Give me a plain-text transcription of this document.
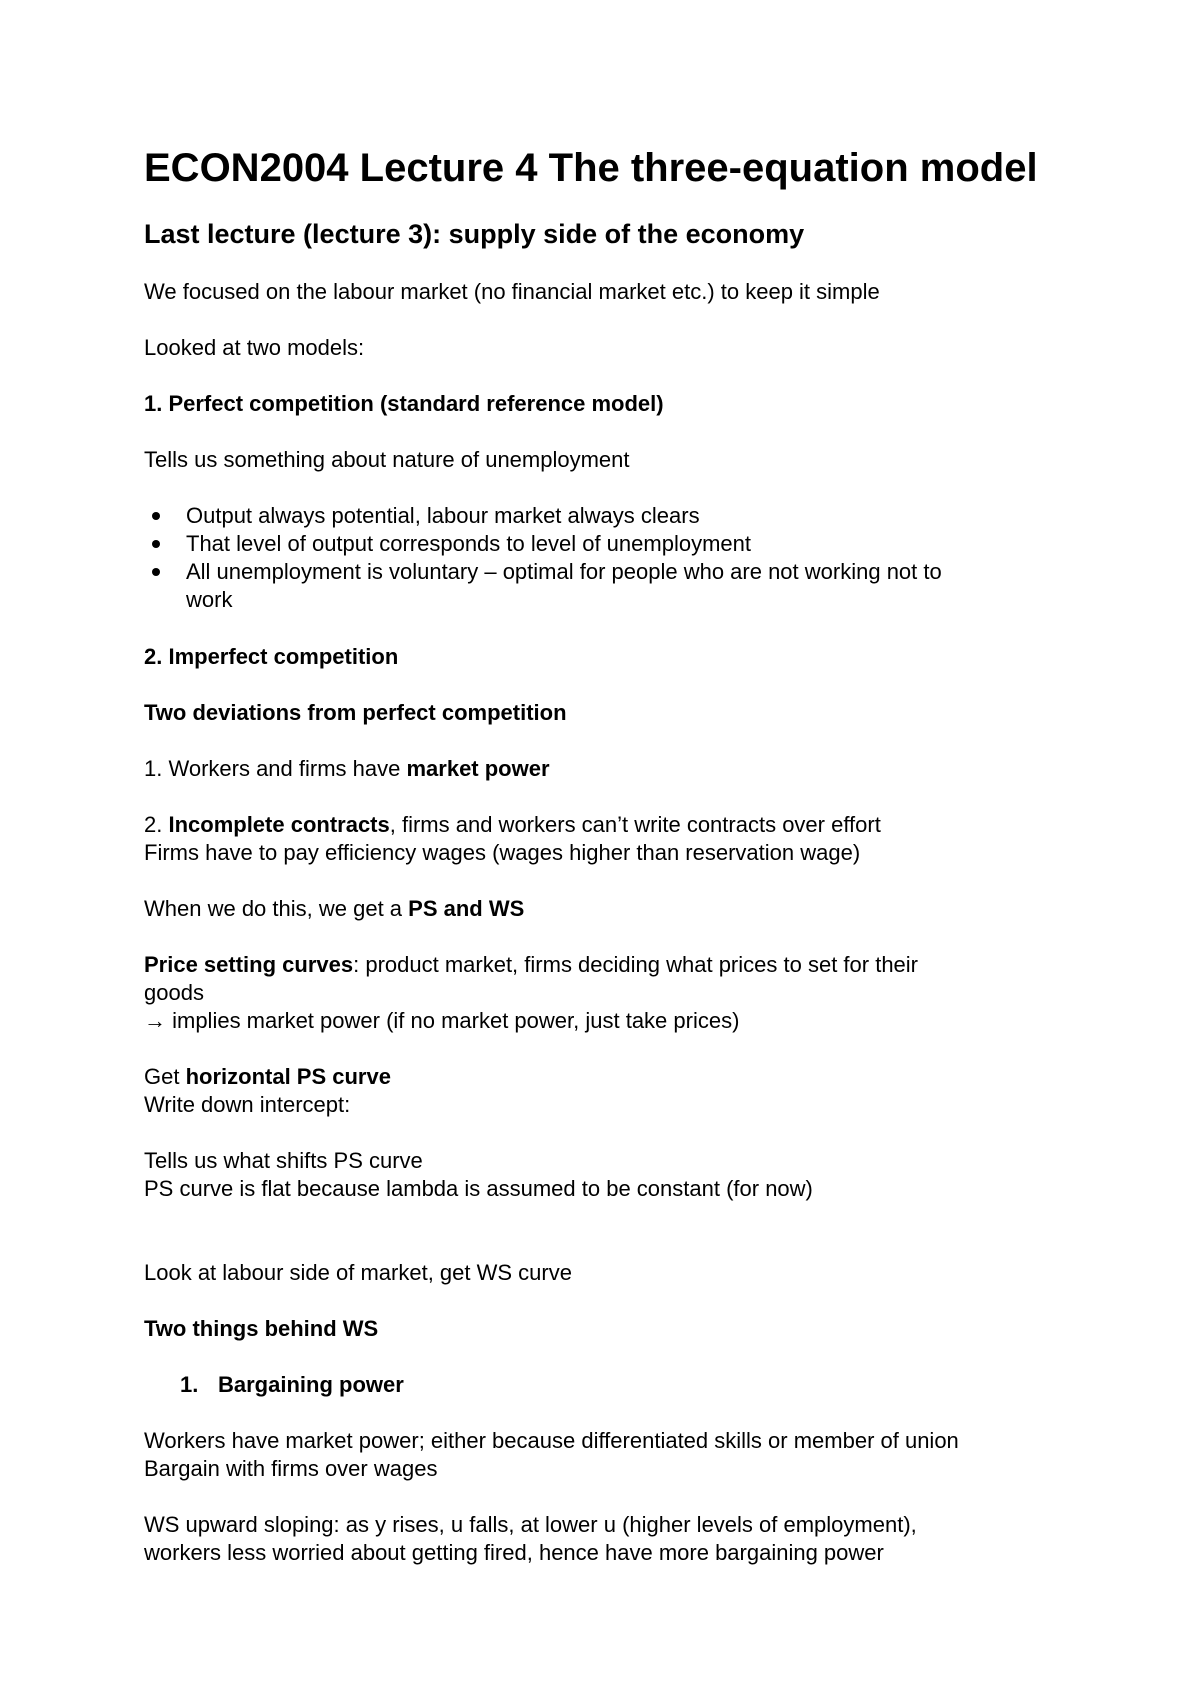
ECON2004 Lecture 4 The three-equation model
Last lecture (lecture 3): supply side of the economy
We focused on the labour market (no financial market etc.) to keep it simple
Looked at two models:
1. Perfect competition (standard reference model)
Tells us something about nature of unemployment
Output always potential, labour market always clears
That level of output corresponds to level of unemployment
All unemployment is voluntary – optimal for people who are not working not to
work
2. Imperfect competition
Two deviations from perfect competition
1. Workers and firms have market power
2. Incomplete contracts, firms and workers can’t write contracts over effort
Firms have to pay efficiency wages (wages higher than reservation wage)
When we do this, we get a PS and WS
Price setting curves: product market, firms deciding what prices to set for their
goods
→ implies market power (if no market power, just take prices)
Get horizontal PS curve
Write down intercept:
Tells us what shifts PS curve
PS curve is flat because lambda is assumed to be constant (for now)
Look at labour side of market, get WS curve
Two things behind WS
1. Bargaining power
Workers have market power; either because differentiated skills or member of union
Bargain with firms over wages
WS upward sloping: as y rises, u falls, at lower u (higher levels of employment),
workers less worried about getting fired, hence have more bargaining power
